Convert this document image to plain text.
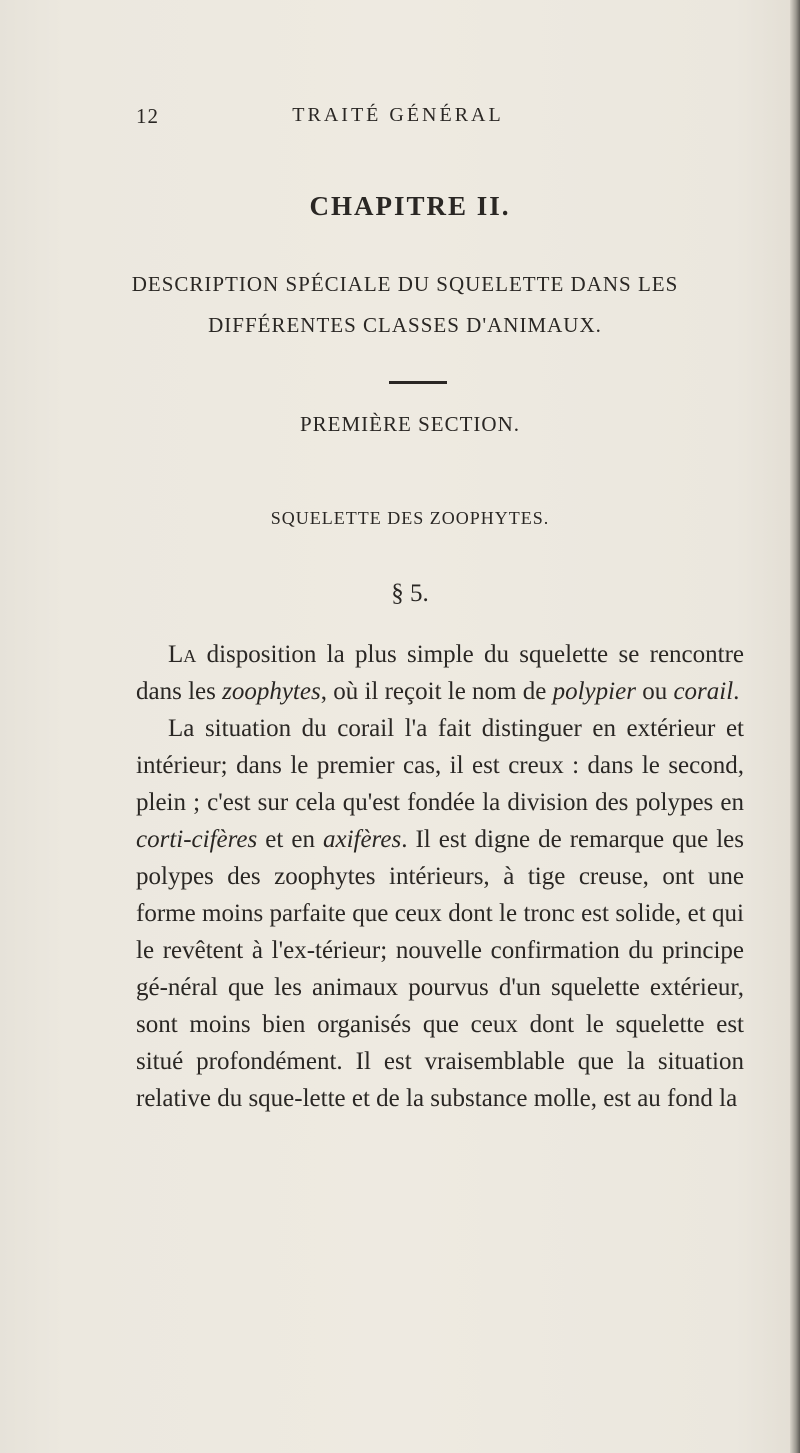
12	TRAITÉ GÉNÉRAL
CHAPITRE II.
DESCRIPTION SPÉCIALE DU SQUELETTE DANS LES
DIFFÉRENTES CLASSES D'ANIMAUX.
PREMIÈRE SECTION.
SQUELETTE DES ZOOPHYTES.
§ 5.

La disposition la plus simple du squelette se rencontre dans les zoophytes, où il reçoit le nom de polypier ou corail.

La situation du corail l'a fait distinguer en extérieur et intérieur; dans le premier cas, il est creux : dans le second, plein ; c'est sur cela qu'est fondée la division des polypes en corti-cifères et en axifères. Il est digne de remarque que les polypes des zoophytes intérieurs, à tige creuse, ont une forme moins parfaite que ceux dont le tronc est solide, et qui le revêtent à l'ex-térieur; nouvelle confirmation du principe gé-néral que les animaux pourvus d'un squelette extérieur, sont moins bien organisés que ceux dont le squelette est situé profondément. Il est vraisemblable que la situation relative du sque-lette et de la substance molle, est au fond la
